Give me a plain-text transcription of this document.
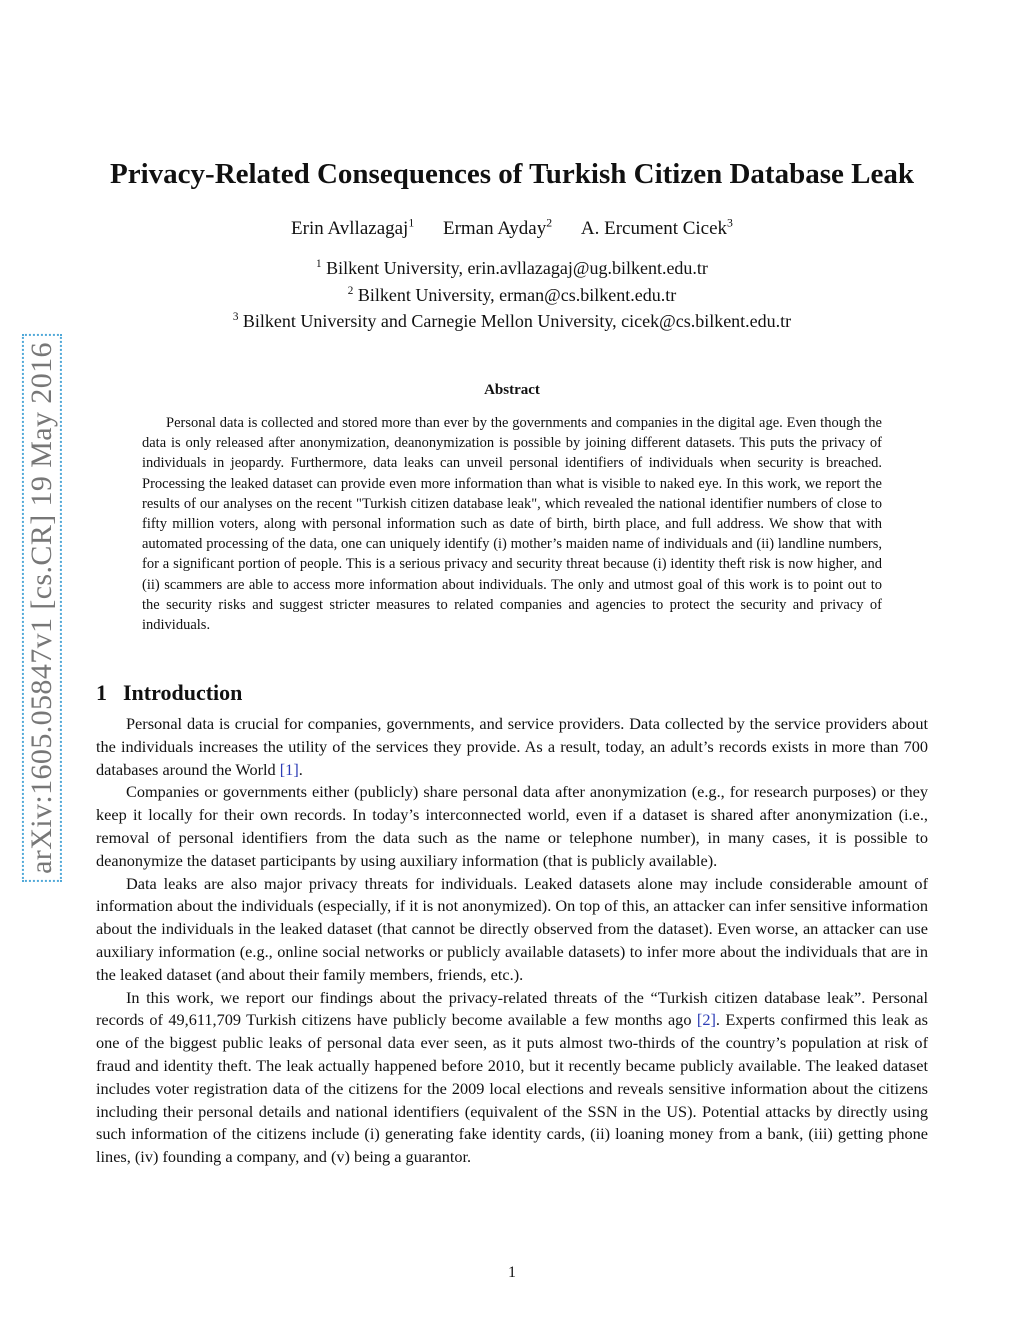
arXiv:1605.05847v1 [cs.CR] 19 May 2016
Privacy-Related Consequences of Turkish Citizen Database Leak
Erin Avllazagaj$^1$ Erman Ayday$^2$ A. Ercument Cicek$^3$
$^1$ Bilkent University, erin.avllazagaj@ug.bilkent.edu.tr
$^2$ Bilkent University, erman@cs.bilkent.edu.tr
$^3$ Bilkent University and Carnegie Mellon University, cicek@cs.bilkent.edu.tr
Abstract

Personal data is collected and stored more than ever by the governments and companies in the digital age. Even though the data is only released after anonymization, deanonymization is possible by joining different datasets. This puts the privacy of individuals in jeopardy. Furthermore, data leaks can unveil personal identifiers of individuals when security is breached. Processing the leaked dataset can provide even more information than what is visible to naked eye. In this work, we report the results of our analyses on the recent "Turkish citizen database leak", which revealed the national identifier numbers of close to fifty million voters, along with personal information such as date of birth, birth place, and full address. We show that with automated processing of the data, one can uniquely identify (i) mother’s maiden name of individuals and (ii) landline numbers, for a significant portion of people. This is a serious privacy and security threat because (i) identity theft risk is now higher, and (ii) scammers are able to access more information about individuals. The only and utmost goal of this work is to point out to the security risks and suggest stricter measures to related companies and agencies to protect the security and privacy of individuals.

1 Introduction

Personal data is crucial for companies, governments, and service providers. Data collected by the service providers about the individuals increases the utility of the services they provide. As a result, today, an adult’s records exists in more than 700 databases around the World [1].

Companies or governments either (publicly) share personal data after anonymization (e.g., for research purposes) or they keep it locally for their own records. In today’s interconnected world, even if a dataset is shared after anonymization (i.e., removal of personal identifiers from the data such as the name or telephone number), in many cases, it is possible to deanonymize the dataset participants by using auxiliary information (that is publicly available).

Data leaks are also major privacy threats for individuals. Leaked datasets alone may include considerable amount of information about the individuals (especially, if it is not anonymized). On top of this, an attacker can infer sensitive information about the individuals in the leaked dataset (that cannot be directly observed from the dataset). Even worse, an attacker can use auxiliary information (e.g., online social networks or publicly available datasets) to infer more about the individuals that are in the leaked dataset (and about their family members, friends, etc.).

In this work, we report our findings about the privacy-related threats of the “Turkish citizen database leak”. Personal records of 49,611,709 Turkish citizens have publicly become available a few months ago [2]. Experts confirmed this leak as one of the biggest public leaks of personal data ever seen, as it puts almost two-thirds of the country’s population at risk of fraud and identity theft. The leak actually happened before 2010, but it recently became publicly available. The leaked dataset includes voter registration data of the citizens for the 2009 local elections and reveals sensitive information about the citizens including their personal details and national identifiers (equivalent of the SSN in the US). Potential attacks by directly using such information of the citizens include (i) generating fake identity cards, (ii) loaning money from a bank, (iii) getting phone lines, (iv) founding a company, and (v) being a guarantor.

1
